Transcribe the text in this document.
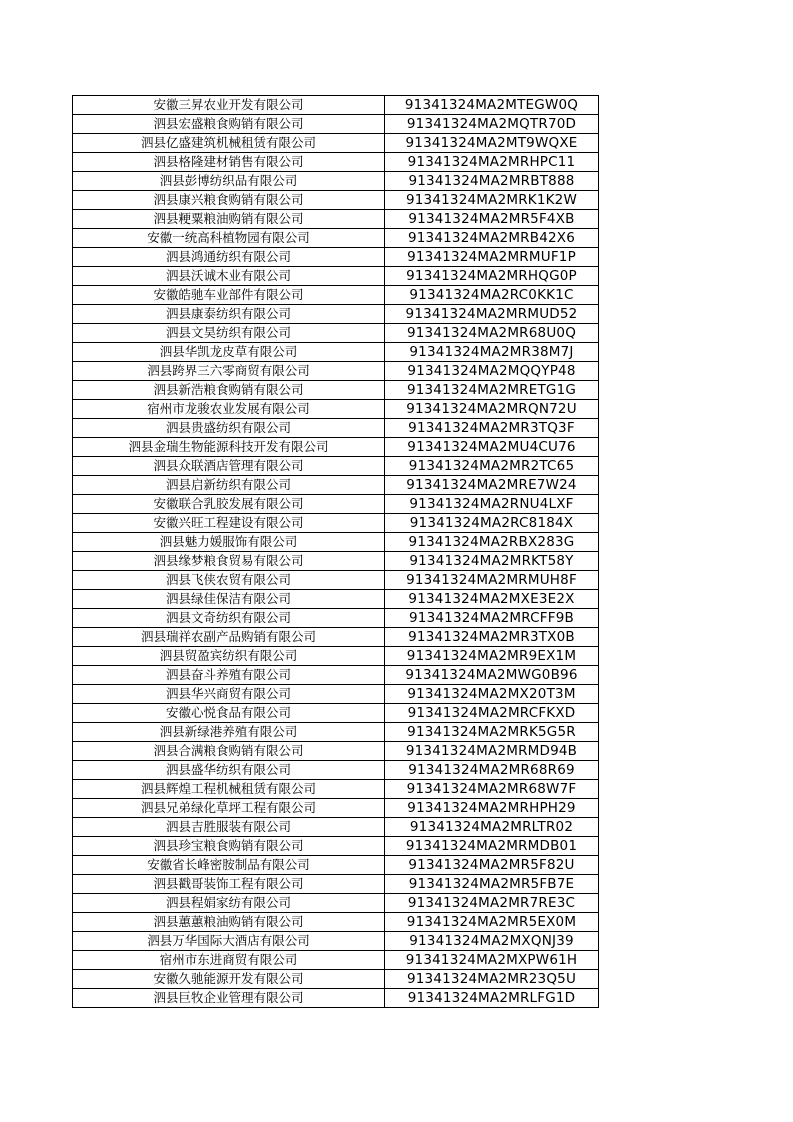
安徽三昇农业开发有限公司	91341324MA2MTEGW0Q
泗县宏盛粮食购销有限公司	91341324MA2MQTR70D
泗县亿盛建筑机械租赁有限公司	91341324MA2MT9WQXE
泗县格隆建材销售有限公司	91341324MA2MRHPC11
泗县彭博纺织品有限公司	91341324MA2MRBT888
泗县康兴粮食购销有限公司	91341324MA2MRK1K2W
泗县粳粟粮油购销有限公司	91341324MA2MR5F4XB
安徽一统高科植物园有限公司	91341324MA2MRB42X6
泗县鸿通纺织有限公司	91341324MA2MRMUF1P
泗县沃诚木业有限公司	91341324MA2MRHQG0P
安徽皓驰车业部件有限公司	91341324MA2RC0KK1C
泗县康泰纺织有限公司	91341324MA2MRMUD52
泗县文昊纺织有限公司	91341324MA2MR68U0Q
泗县华凯龙皮草有限公司	91341324MA2MR38M7J
泗县跨界三六零商贸有限公司	91341324MA2MQQYP48
泗县新浩粮食购销有限公司	91341324MA2MRETG1G
宿州市龙骏农业发展有限公司	91341324MA2MRQN72U
泗县贵盛纺织有限公司	91341324MA2MR3TQ3F
泗县金瑞生物能源科技开发有限公司	91341324MA2MU4CU76
泗县众联酒店管理有限公司	91341324MA2MR2TC65
泗县启新纺织有限公司	91341324MA2MRE7W24
安徽联合乳胶发展有限公司	91341324MA2RNU4LXF
安徽兴旺工程建设有限公司	91341324MA2RC8184X
泗县魅力媛服饰有限公司	91341324MA2RBX283G
泗县缘梦粮食贸易有限公司	91341324MA2MRKT58Y
泗县飞侠农贸有限公司	91341324MA2MRMUH8F
泗县绿佳保洁有限公司	91341324MA2MXE3E2X
泗县文奇纺织有限公司	91341324MA2MRCFF9B
泗县瑞祥农副产品购销有限公司	91341324MA2MR3TX0B
泗县贸盈宾纺织有限公司	91341324MA2MR9EX1M
泗县奋斗养殖有限公司	91341324MA2MWG0B96
泗县华兴商贸有限公司	91341324MA2MX20T3M
安徽心悦食品有限公司	91341324MA2MRCFKXD
泗县新绿港养殖有限公司	91341324MA2MRK5G5R
泗县合满粮食购销有限公司	91341324MA2MRMD94B
泗县盛华纺织有限公司	91341324MA2MR68R69
泗县辉煌工程机械租赁有限公司	91341324MA2MR68W7F
泗县兄弟绿化草坪工程有限公司	91341324MA2MRHPH29
泗县吉胜服装有限公司	91341324MA2MRLTR02
泗县珍宝粮食购销有限公司	91341324MA2MRMDB01
安徽省长峰密胺制品有限公司	91341324MA2MR5F82U
泗县戳哥装饰工程有限公司	91341324MA2MR5FB7E
泗县程娟家纺有限公司	91341324MA2MR7RE3C
泗县蕙蕙粮油购销有限公司	91341324MA2MR5EX0M
泗县万华国际大酒店有限公司	91341324MA2MXQNJ39
宿州市东进商贸有限公司	91341324MA2MXPW61H
安徽久驰能源开发有限公司	91341324MA2MR23Q5U
泗县巨牧企业管理有限公司	91341324MA2MRLFG1D
